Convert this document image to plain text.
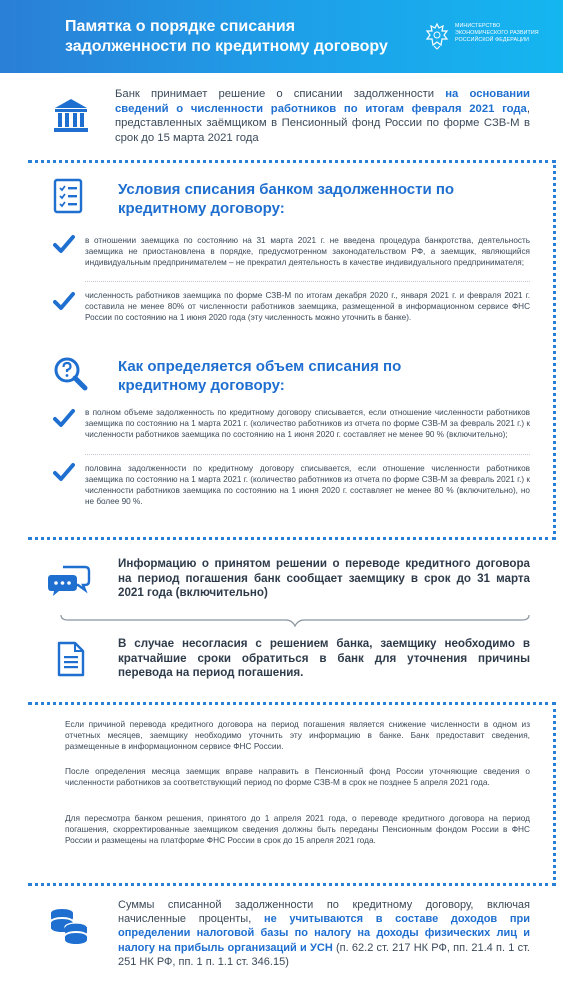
Памятка о порядке списания задолженности по кредитному договору
МИНИСТЕРСТВО ЭКОНОМИЧЕСКОГО РАЗВИТИЯ РОССИЙСКОЙ ФЕДЕРАЦИИ
Банк принимает решение о списании задолженности на основании сведений о численности работников по итогам февраля 2021 года, представленных заёмщиком в Пенсионный фонд России по форме СЗВ-М в срок до 15 марта 2021 года
Условия списания банком задолженности по кредитному договору:
в отношении заемщика по состоянию на 31 марта 2021 г. не введена процедура банкротства, деятельность заемщика не приостановлена в порядке, предусмотренном законодательством РФ, а заемщик, являющийся индивидуальным предпринимателем – не прекратил деятельность в качестве индивидуального предпринимателя;
численность работников заемщика по форме СЗВ-М по итогам декабря 2020 г., января 2021 г. и февраля 2021 г. составила не менее 80% от численности работников заемщика, размещенной в информационном сервисе ФНС России по состоянию на 1 июня 2020 года (эту численность можно уточнить в банке).
Как определяется объем списания по кредитному договору:
в полном объеме задолженность по кредитному договору списывается, если отношение численности работников заемщика по состоянию на 1 марта 2021 г. (количество работников из отчета по форме СЗВ-М за февраль 2021 г.) к численности работников заемщика по состоянию на 1 июня 2020 г. составляет не менее 90 % (включительно);
половина задолженности по кредитному договору списывается, если отношение численности работников заемщика по состоянию на 1 марта 2021 г. (количество работников из отчета по форме СЗВ-М за февраль 2021 г.) к численности работников заемщика по состоянию на 1 июня 2020 г. составляет не менее 80 % (включительно), но не более 90 %.
Информацию о принятом решении о переводе кредитного договора на период погашения банк сообщает заемщику в срок до 31 марта 2021 года (включительно)
В случае несогласия с решением банка, заемщику необходимо в кратчайшие сроки обратиться в банк для уточнения причины перевода на период погашения.
Если причиной перевода кредитного договора на период погашения является снижение численности в одном из отчетных месяцев, заемщику необходимо уточнить эту информацию в банке. Банк предоставит сведения, размещенные в информационном сервисе ФНС России.
После определения месяца заемщик вправе направить в Пенсионный фонд России уточняющие сведения о численности работников за соответствующий период по форме СЗВ-М в срок не позднее 5 апреля 2021 года.
Для пересмотра банком решения, принятого до 1 апреля 2021 года, о переводе кредитного договора на период погашения, скорректированные заемщиком сведения должны быть переданы Пенсионным фондом России в ФНС России и размещены на платформе ФНС России в срок до 15 апреля 2021 года.
Суммы списанной задолженности по кредитному договору, включая начисленные проценты, не учитываются в составе доходов при определении налоговой базы по налогу на доходы физических лиц и налогу на прибыль организаций и УСН (п. 62.2 ст. 217 НК РФ, пп. 21.4 п. 1 ст. 251 НК РФ, пп. 1 п. 1.1 ст. 346.15)
